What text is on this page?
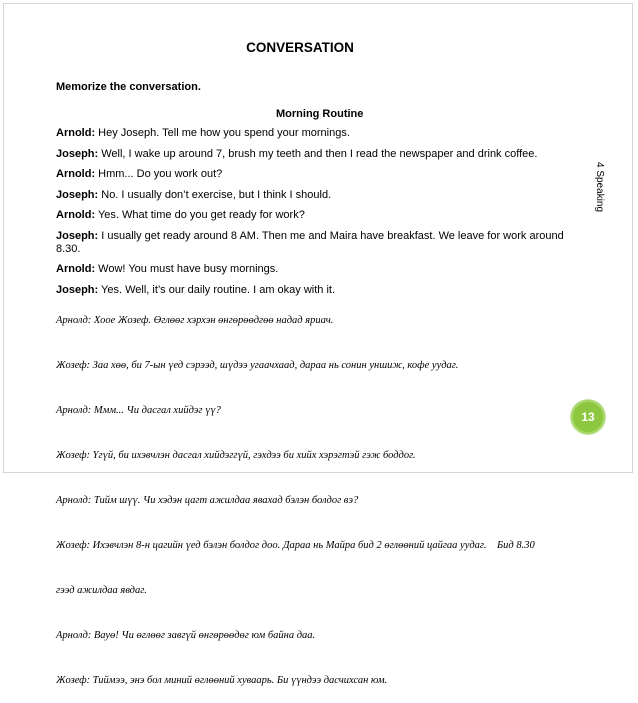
CONVERSATION
Memorize the conversation.
Morning Routine
Arnold: Hey Joseph. Tell me how you spend your mornings.
Joseph: Well, I wake up around 7, brush my teeth and then I read the newspaper and drink coffee.
Arnold: Hmm... Do you work out?
Joseph: No. I usually don’t exercise, but I think I should.
Arnold: Yes. What time do you get ready for work?
Joseph: I usually get ready around 8 AM. Then me and Maira have breakfast. We leave for work around 8.30.
Arnold: Wow! You must have busy mornings.
Joseph: Yes. Well, it’s our daily routine. I am okay with it.

Арнолд: Хоое Жозеф. Өглөөг хэрхэн өнгөрөөдгөө надад яриач.

Жозеф: Заа хөө, би 7-ын үед сэрээд, шүдээ угаачхаад, дараа нь сонин уншиж, кофе уудаг.

Арнолд: Ммм... Чи дасгал хийдэг үү?

Жозеф: Үгүй, би ихэвчлэн дасгал хийдэггүй, гэхдээ би хийх хэрэгтэй гэж боддог.

Арнолд: Тийм шүү. Чи хэдэн цагт ажилдаа явахад бэлэн болдог вэ?

Жозеф: Ихэвчлэн 8-н цагийн үед бэлэн болдог доо. Дараа нь Майра бид 2 өглөөний цайгаа уудаг.    Бид 8.30

гээд ажилдаа явдаг.

Арнолд: Вауө! Чи өглөөг завгүй өнгөрөөдөг юм байна даа.

Жозеф: Тиймээ, энэ бол миний өглөөний хуваарь. Би үүндээ дасчихсан юм.

4 Speaking
13
